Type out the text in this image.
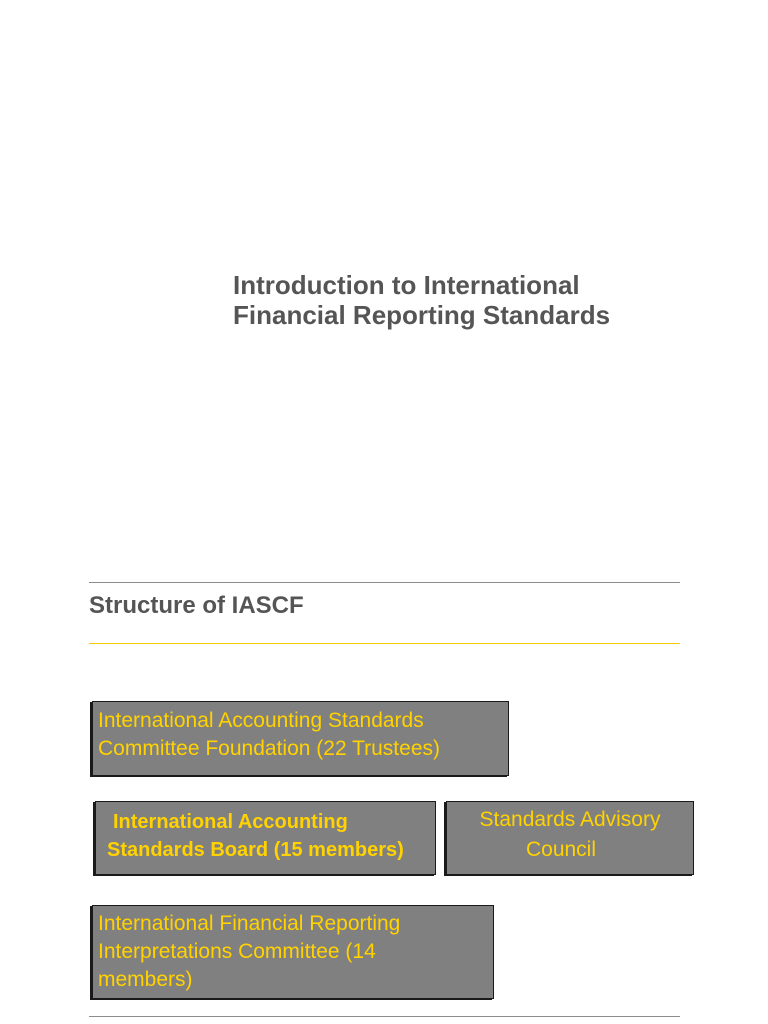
Introduction to International
Financial Reporting Standards
Structure of IASCF
International Accounting Standards
Committee Foundation (22 Trustees)
International Accounting
Standards Board (15 members)
Standards Advisory
Council
International Financial Reporting
Interpretations Committee (14
members)
